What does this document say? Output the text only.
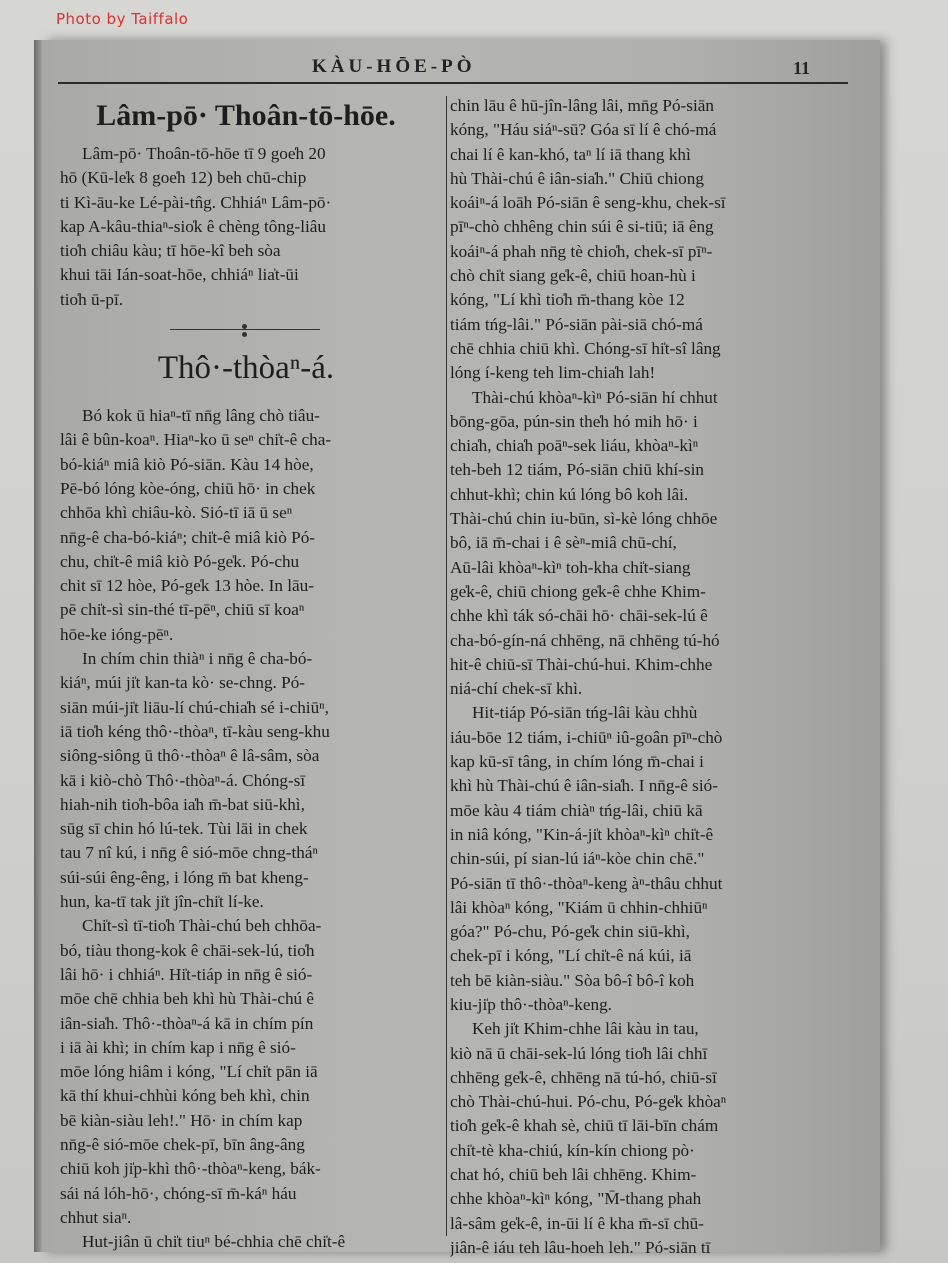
Photo by Taiffalo
KÀU-HŌE-PÒ	11
Lâm-pō· Thoân-tō-hōe.
Lâm-pō· Thoân-tō-hōe tī 9 goe̍h 20
hō (Kū-le̍k 8 goe̍h 12) beh chū-chip
ti Kì-āu-ke Lé-pài-tn̂g. Chhiáⁿ Lâm-pō·
kap A-kâu-thiaⁿ-sio̍k ê chèng tông-liâu
tio̍h chiâu kàu; tī hōe-kî beh sòa
khui tāi Ián-soat-hōe, chhiáⁿ lia̍t-ūi
tio̍h ū-pī.
Thô·-thòaⁿ-á.
Bó kok ū hiaⁿ-tī nn̄g lâng chò tiâu-
lâi ê bûn-koaⁿ. Hiaⁿ-ko ū seⁿ chi̍t-ê cha-
bó-kiáⁿ miâ kiò Pó-siān. Kàu 14 hòe,
Pē-bó lóng kòe-óng, chiū hō· in chek
chhōa khì chiâu-kò. Sió-tī iā ū seⁿ
nn̄g-ê cha-bó-kiáⁿ; chi̍t-ê miâ kiò Pó-
chu, chi̍t-ê miâ kiò Pó-ge̍k. Pó-chu
chit sī 12 hòe, Pó-ge̍k 13 hòe. In lāu-
pē chi̍t-sì sin-thé tī-pēⁿ, chiū sī koaⁿ
hōe-ke ióng-pēⁿ.
In chím chin thiàⁿ i nn̄g ê cha-bó-
kiáⁿ, múi ji̍t kan-ta kò· se-chng. Pó-
siān múi-ji̍t liāu-lí chú-chia̍h sé i-chiūⁿ,
iā tio̍h kéng thô·-thòaⁿ, tī-kàu seng-khu
siông-siông ū thô·-thòaⁿ ê lâ-sâm, sòa
kā i kiò-chò Thô·-thòaⁿ-á. Chóng-sī
hiah-nih tio̍h-bôa ia̍h m̄-bat siū-khì,
sūg sī chin hó lú-tek. Tùi lāi in chek
tau 7 nî kú, i nn̄g ê sió-mōe chng-tháⁿ
súi-súi êng-êng, i lóng m̄ bat kheng-
hun, ka-tī tak ji̍t jîn-chi̍t lí-ke.
Chi̍t-sì tī-tio̍h Thài-chú beh chhōa-
bó, tiàu thong-kok ê chāi-sek-lú, tio̍h
lâi hō· i chhiáⁿ. Hi̍t-tiáp in nn̄g ê sió-
mōe chē chhia beh khì hù Thài-chú ê
iân-sia̍h. Thô·-thòaⁿ-á kā in chím pín
i iā ài khì; in chím kap i nn̄g ê sió-
mōe lóng hiâm i kóng, "Lí chi̍t pān iā
kā thí khui-chhùi kóng beh khì, chin
bē kiàn-siàu leh!." Hō· in chím kap
nn̄g-ê sió-mōe chek-pī, bīn âng-âng
chiū koh ji̍p-khì thô·-thòaⁿ-keng, bák-
sái ná lóh-hō·, chóng-sī m̄-káⁿ háu
chhut siaⁿ.
Hut-jiân ū chi̍t tiuⁿ bé-chhia chē chi̍t-ê
chin lāu ê hū-jîn-lâng lâi, mn̄g Pó-siān
kóng, "Háu siáⁿ-sū? Góa sī lí ê chó-má
chai lí ê kan-khó, taⁿ lí iā thang khì
hù Thài-chú ê iân-sia̍h." Chiū chiong
koáiⁿ-á loāh Pó-siān ê seng-khu, chek-sī
pīⁿ-chò chhêng chin súi ê si-tiū; iā êng
koáiⁿ-á phah nn̄g tè chio̍h, chek-sī pīⁿ-
chò chi̍t siang ge̍k-ê, chiū hoan-hù i
kóng, "Lí khì tio̍h m̄-thang kòe 12
tiám tńg-lâi." Pó-siān pài-siā chó-má
chē chhia chiū khì. Chóng-sī hi̍t-sî lâng
lóng í-keng teh lim-chia̍h lah!
Thài-chú khòaⁿ-kìⁿ Pó-siān hí chhut
bōng-gōa, pún-sin the̍h hó mih hō· i
chia̍h, chia̍h poāⁿ-sek liáu, khòaⁿ-kìⁿ
teh-beh 12 tiám, Pó-siān chiū khí-sin
chhut-khì; chin kú lóng bô koh lâi.
Thài-chú chin iu-būn, sì-kè lóng chhōe
bô, iā m̄-chai i ê sèⁿ-miâ chū-chí,
Aū-lâi khòaⁿ-kìⁿ toh-kha chi̍t-siang
ge̍k-ê, chiū chiong ge̍k-ê chhe Khim-
chhe khì ták só-chāi hō· chāi-sek-lú ê
cha-bó-gín-ná chhēng, nā chhēng tú-hó
hit-ê chiū-sī Thài-chú-hui. Khim-chhe
niá-chí chek-sī khì.
Hit-tiáp Pó-siān tńg-lâi kàu chhù
iáu-bōe 12 tiám, i-chiūⁿ iû-goân pīⁿ-chò
kap kū-sī tâng, in chím lóng m̄-chai i
khì hù Thài-chú ê iân-sia̍h. I nn̄g-ê sió-
mōe kàu 4 tiám chiàⁿ tńg-lâi, chiū kā
in niâ kóng, "Kin-á-ji̍t khòaⁿ-kìⁿ chi̍t-ê
chin-súi, pí sian-lú iáⁿ-kòe chin chē."
Pó-siān tī thô·-thòaⁿ-keng àⁿ-thâu chhut
lâi khòaⁿ kóng, "Kiám ū chhin-chhiūⁿ
góa?" Pó-chu, Pó-ge̍k chin siū-khì,
chek-pī i kóng, "Lí chi̍t-ê ná kúi, iā
teh bē kiàn-siàu." Sòa bô-î bô-î koh
kiu-ji̍p thô·-thòaⁿ-keng.
Keh ji̍t Khim-chhe lâi kàu in tau,
kiò nā ū chāi-sek-lú lóng tio̍h lâi chhī
chhēng ge̍k-ê, chhēng nā tú-hó, chiū-sī
chò Thài-chú-hui. Pó-chu, Pó-ge̍k khòaⁿ
tio̍h ge̍k-ê khah sè, chiū tī lāi-bīn chám
chi̍t-tè kha-chiú, kín-kín chiong pò·
chat hó, chiū beh lâi chhēng. Khim-
chhe khòaⁿ-kìⁿ kóng, "M̄-thang phah
lâ-sâm ge̍k-ê, in-ūi lí ê kha m̄-sī chū-
jiân-ê iáu teh lâu-hoeh leh." Pó-siān tī
